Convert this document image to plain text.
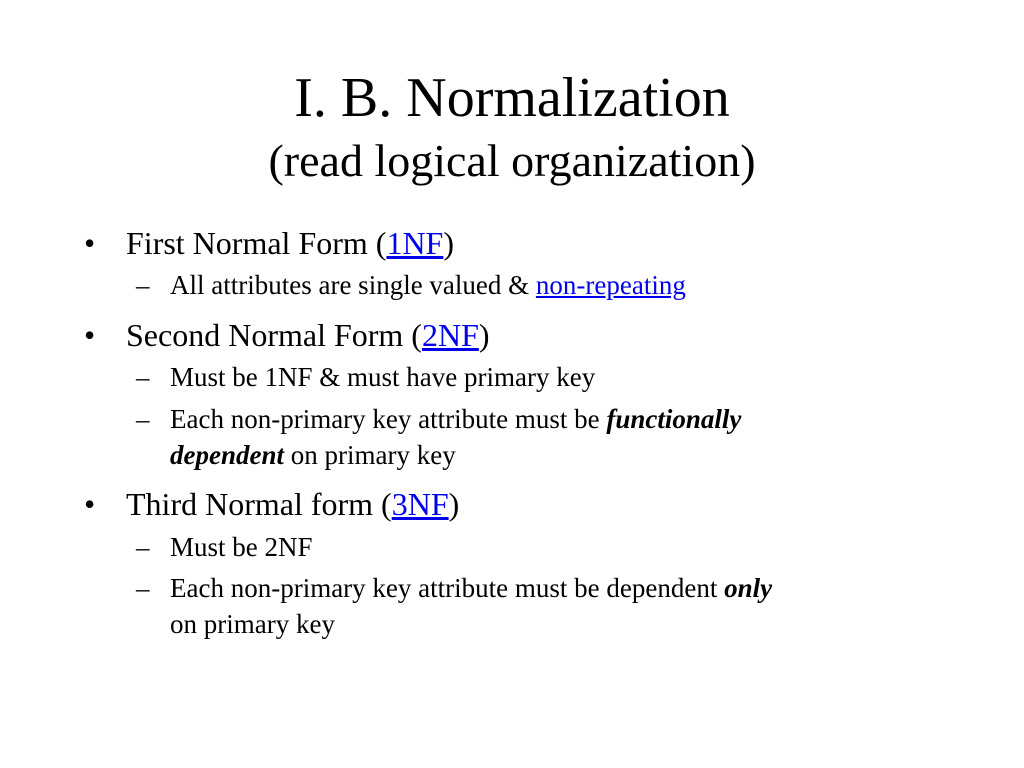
I. B. Normalization
(read logical organization)
• First Normal Form (1NF)
– All attributes are single valued & non-repeating
• Second Normal Form (2NF)
– Must be 1NF & must have primary key
– Each non-primary key attribute must be functionally
dependent on primary key
• Third Normal form (3NF)
– Must be 2NF
– Each non-primary key attribute must be dependent only
on primary key
